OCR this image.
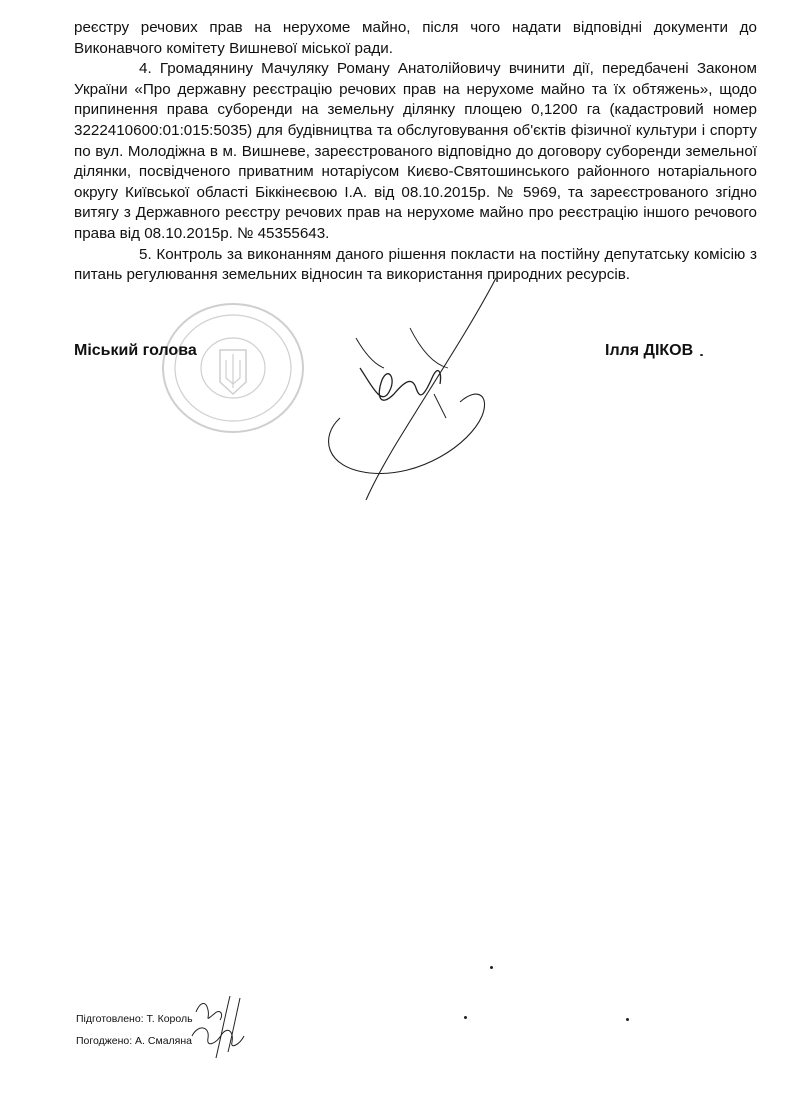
реєстру речових прав на нерухоме майно, після чого надати відповідні документи до Виконавчого комітету Вишневої міської ради.

4. Громадянину Мачуляку Роману Анатолійовичу вчинити дії, передбачені Законом України «Про державну реєстрацію речових прав на нерухоме майно та їх обтяжень», щодо припинення права суборенди на земельну ділянку площею 0,1200 га (кадастровий номер 3222410600:01:015:5035) для будівництва та обслуговування об'єктів фізичної культури і спорту по вул. Молодіжна в м. Вишневе, зареєстрованого відповідно до договору суборенди земельної ділянки, посвідченого приватним нотаріусом Києво-Святошинського районного нотаріального округу Київської області Біккінеєвою І.А. від 08.10.2015р. № 5969, та зареєстрованого згідно витягу з Державного реєстру речових прав на нерухоме майно про реєстрацію іншого речового права від 08.10.2015р. № 45355643.

5. Контроль за виконанням даного рішення покласти на постійну депутатську комісію з питань регулювання земельних відносин та використання природних ресурсів.

Міський голова	Ілля ДІКОВ
Підготовлено: Т. Король
Погоджено: А. Смаляна
